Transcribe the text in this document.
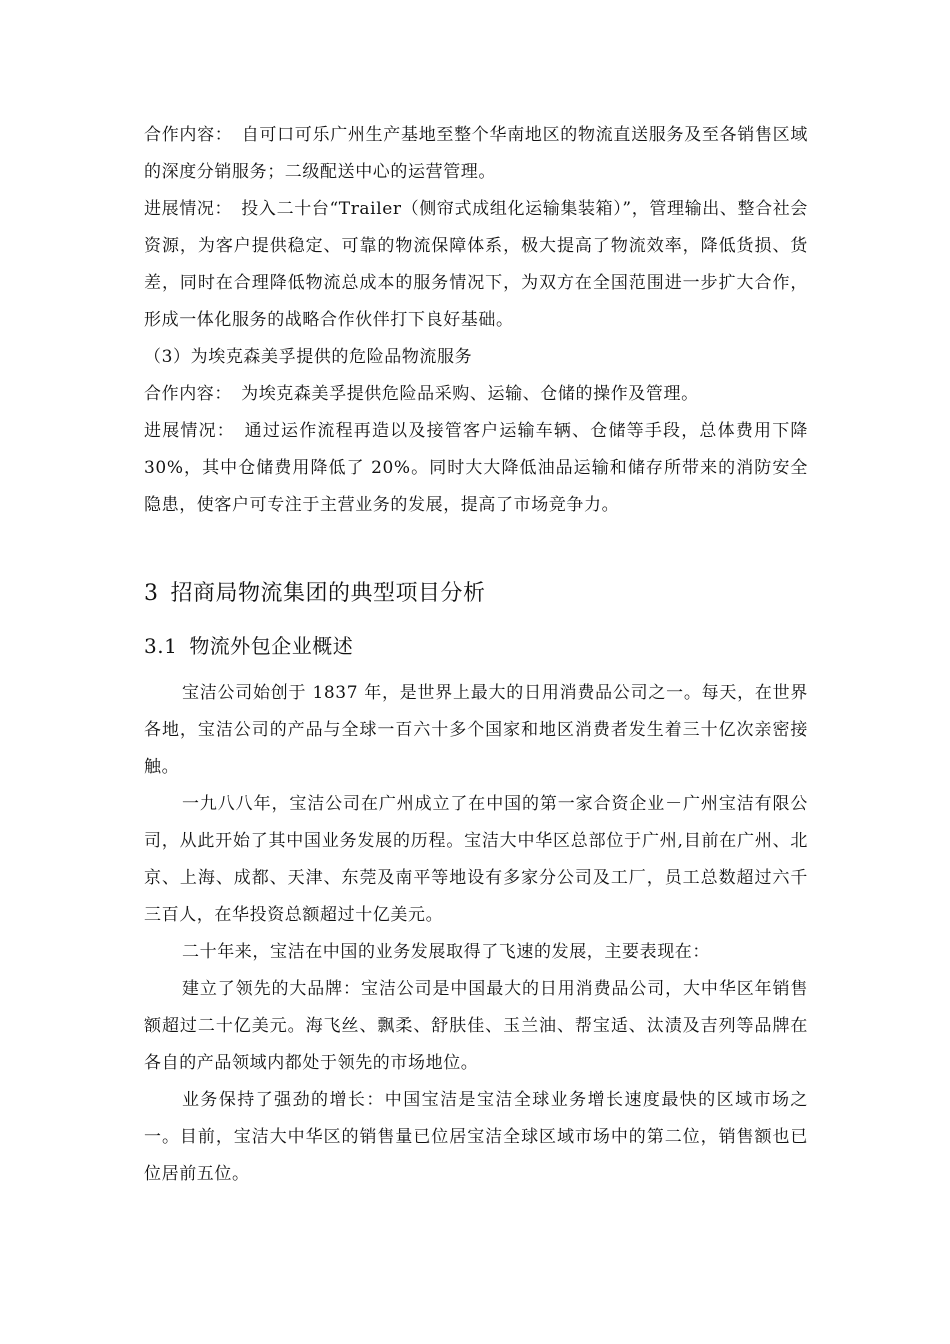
合作内容：　自可口可乐广州生产基地至整个华南地区的物流直送服务及至各销售区域的深度分销服务；二级配送中心的运营管理。

进展情况：　投入二十台“Trailer（侧帘式成组化运输集装箱）”，管理输出、整合社会资源，为客户提供稳定、可靠的物流保障体系，极大提高了物流效率，降低货损、货差，同时在合理降低物流总成本的服务情况下，为双方在全国范围进一步扩大合作，形成一体化服务的战略合作伙伴打下良好基础。

（3）为埃克森美孚提供的危险品物流服务

合作内容：　为埃克森美孚提供危险品采购、运输、仓储的操作及管理。

进展情况：　通过运作流程再造以及接管客户运输车辆、仓储等手段，总体费用下降 30%，其中仓储费用降低了 20%。同时大大降低油品运输和储存所带来的消防安全隐患，使客户可专注于主营业务的发展，提高了市场竞争力。

3 招商局物流集团的典型项目分析
3.1 物流外包企业概述

宝洁公司始创于 1837 年，是世界上最大的日用消费品公司之一。每天，在世界各地，宝洁公司的产品与全球一百六十多个国家和地区消费者发生着三十亿次亲密接触。

一九八八年，宝洁公司在广州成立了在中国的第一家合资企业－广州宝洁有限公司，从此开始了其中国业务发展的历程。宝洁大中华区总部位于广州,目前在广州、北京、上海、成都、天津、东莞及南平等地设有多家分公司及工厂，员工总数超过六千三百人，在华投资总额超过十亿美元。

二十年来，宝洁在中国的业务发展取得了飞速的发展，主要表现在：

建立了领先的大品牌：宝洁公司是中国最大的日用消费品公司，大中华区年销售额超过二十亿美元。海飞丝、飘柔、舒肤佳、玉兰油、帮宝适、汰渍及吉列等品牌在各自的产品领域内都处于领先的市场地位。

业务保持了强劲的增长：中国宝洁是宝洁全球业务增长速度最快的区域市场之一。目前，宝洁大中华区的销售量已位居宝洁全球区域市场中的第二位，销售额也已位居前五位。
